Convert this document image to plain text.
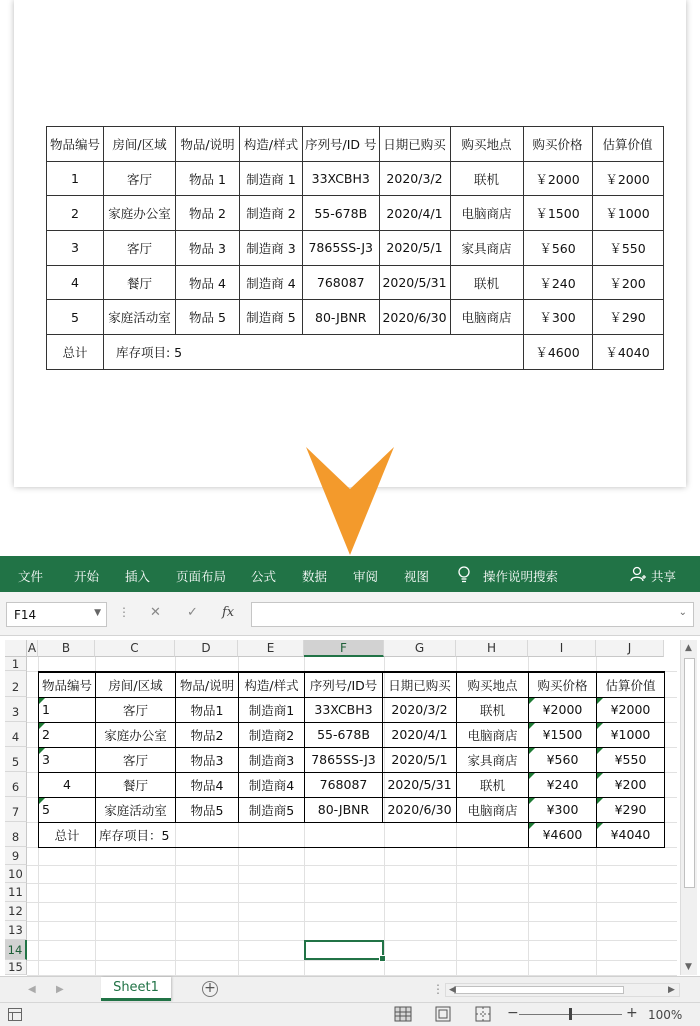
物品编号	房间/区域	物品/说明	构造/样式	序列号/ID 号	日期已购买	购买地点	购买价格	估算价值
1	客厅	物品 1	制造商 1	33XCBH3	2020/3/2	联机	￥2000	￥2000
2	家庭办公室	物品 2	制造商 2	55-678B	2020/4/1	电脑商店	￥1500	￥1000
3	客厅	物品 3	制造商 3	7865SS-J3	2020/5/1	家具商店	￥560	￥550
4	餐厅	物品 4	制造商 4	768087	2020/5/31	联机	￥240	￥200
5	家庭活动室	物品 5	制造商 5	80-JBNR	2020/6/30	电脑商店	￥300	￥290
总计	库存项目: 5						￥4600	￥4040
文件 开始 插入 页面布局 公式 数据 审阅 视图	操作说明搜索	共享
F14	▼ ⋮ ✕ ✓ fx	⌄
A	B	C	D	E	F	G	H	I	J
1
2
3
4
5
6
7
8
9
10
11
12
13
14
15
物品编号	房间/区域	物品/说明	构造/样式	序列号/ID号	日期已购买	购买地点	购买价格	估算价值
1	客厅	物品1	制造商1	33XCBH3	2020/3/2	联机	¥2000	¥2000
2	家庭办公室	物品2	制造商2	55-678B	2020/4/1	电脑商店	¥1500	¥1000
3	客厅	物品3	制造商3	7865SS-J3	2020/5/1	家具商店	¥560	¥550
4	餐厅	物品4	制造商4	768087	2020/5/31	联机	¥240	¥200
5	家庭活动室	物品5	制造商5	80-JBNR	2020/6/30	电脑商店	¥300	¥290
总计	库存项目：5						¥4600	¥4040
▲
▼
◀ ▶	Sheet1	+	⋮ ◀	▶
−	+ 100%
